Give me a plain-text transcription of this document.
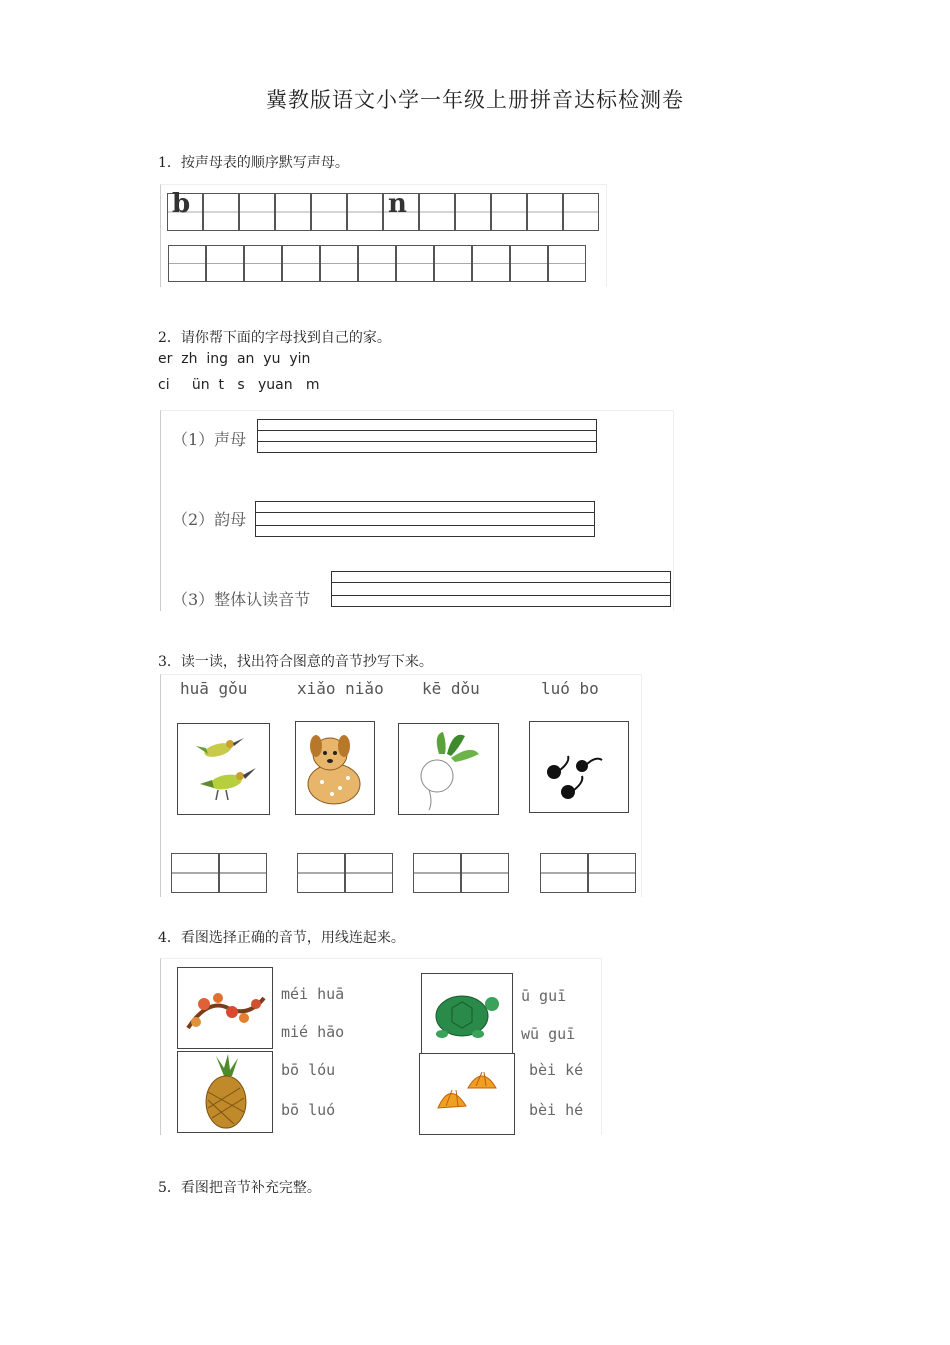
冀教版语文小学一年级上册拼音达标检测卷
1．按声母表的顺序默写声母。
b	n
2．请你帮下面的字母找到自己的家。
er  zh  ing  an  yu  yin
ci     ün  t   s   yuan   m
（1）声母
（2）韵母
（3）整体认读音节
3．读一读，找出符合图意的音节抄写下来。
huā gǒu	xiǎo niǎo kē dǒu	luó bo
4．看图选择正确的音节，用线连起来。
méi huā
mié hāo
bō lóu
bō luó
ū guī
wū guī
bèi ké
bèi hé
5．看图把音节补充完整。
